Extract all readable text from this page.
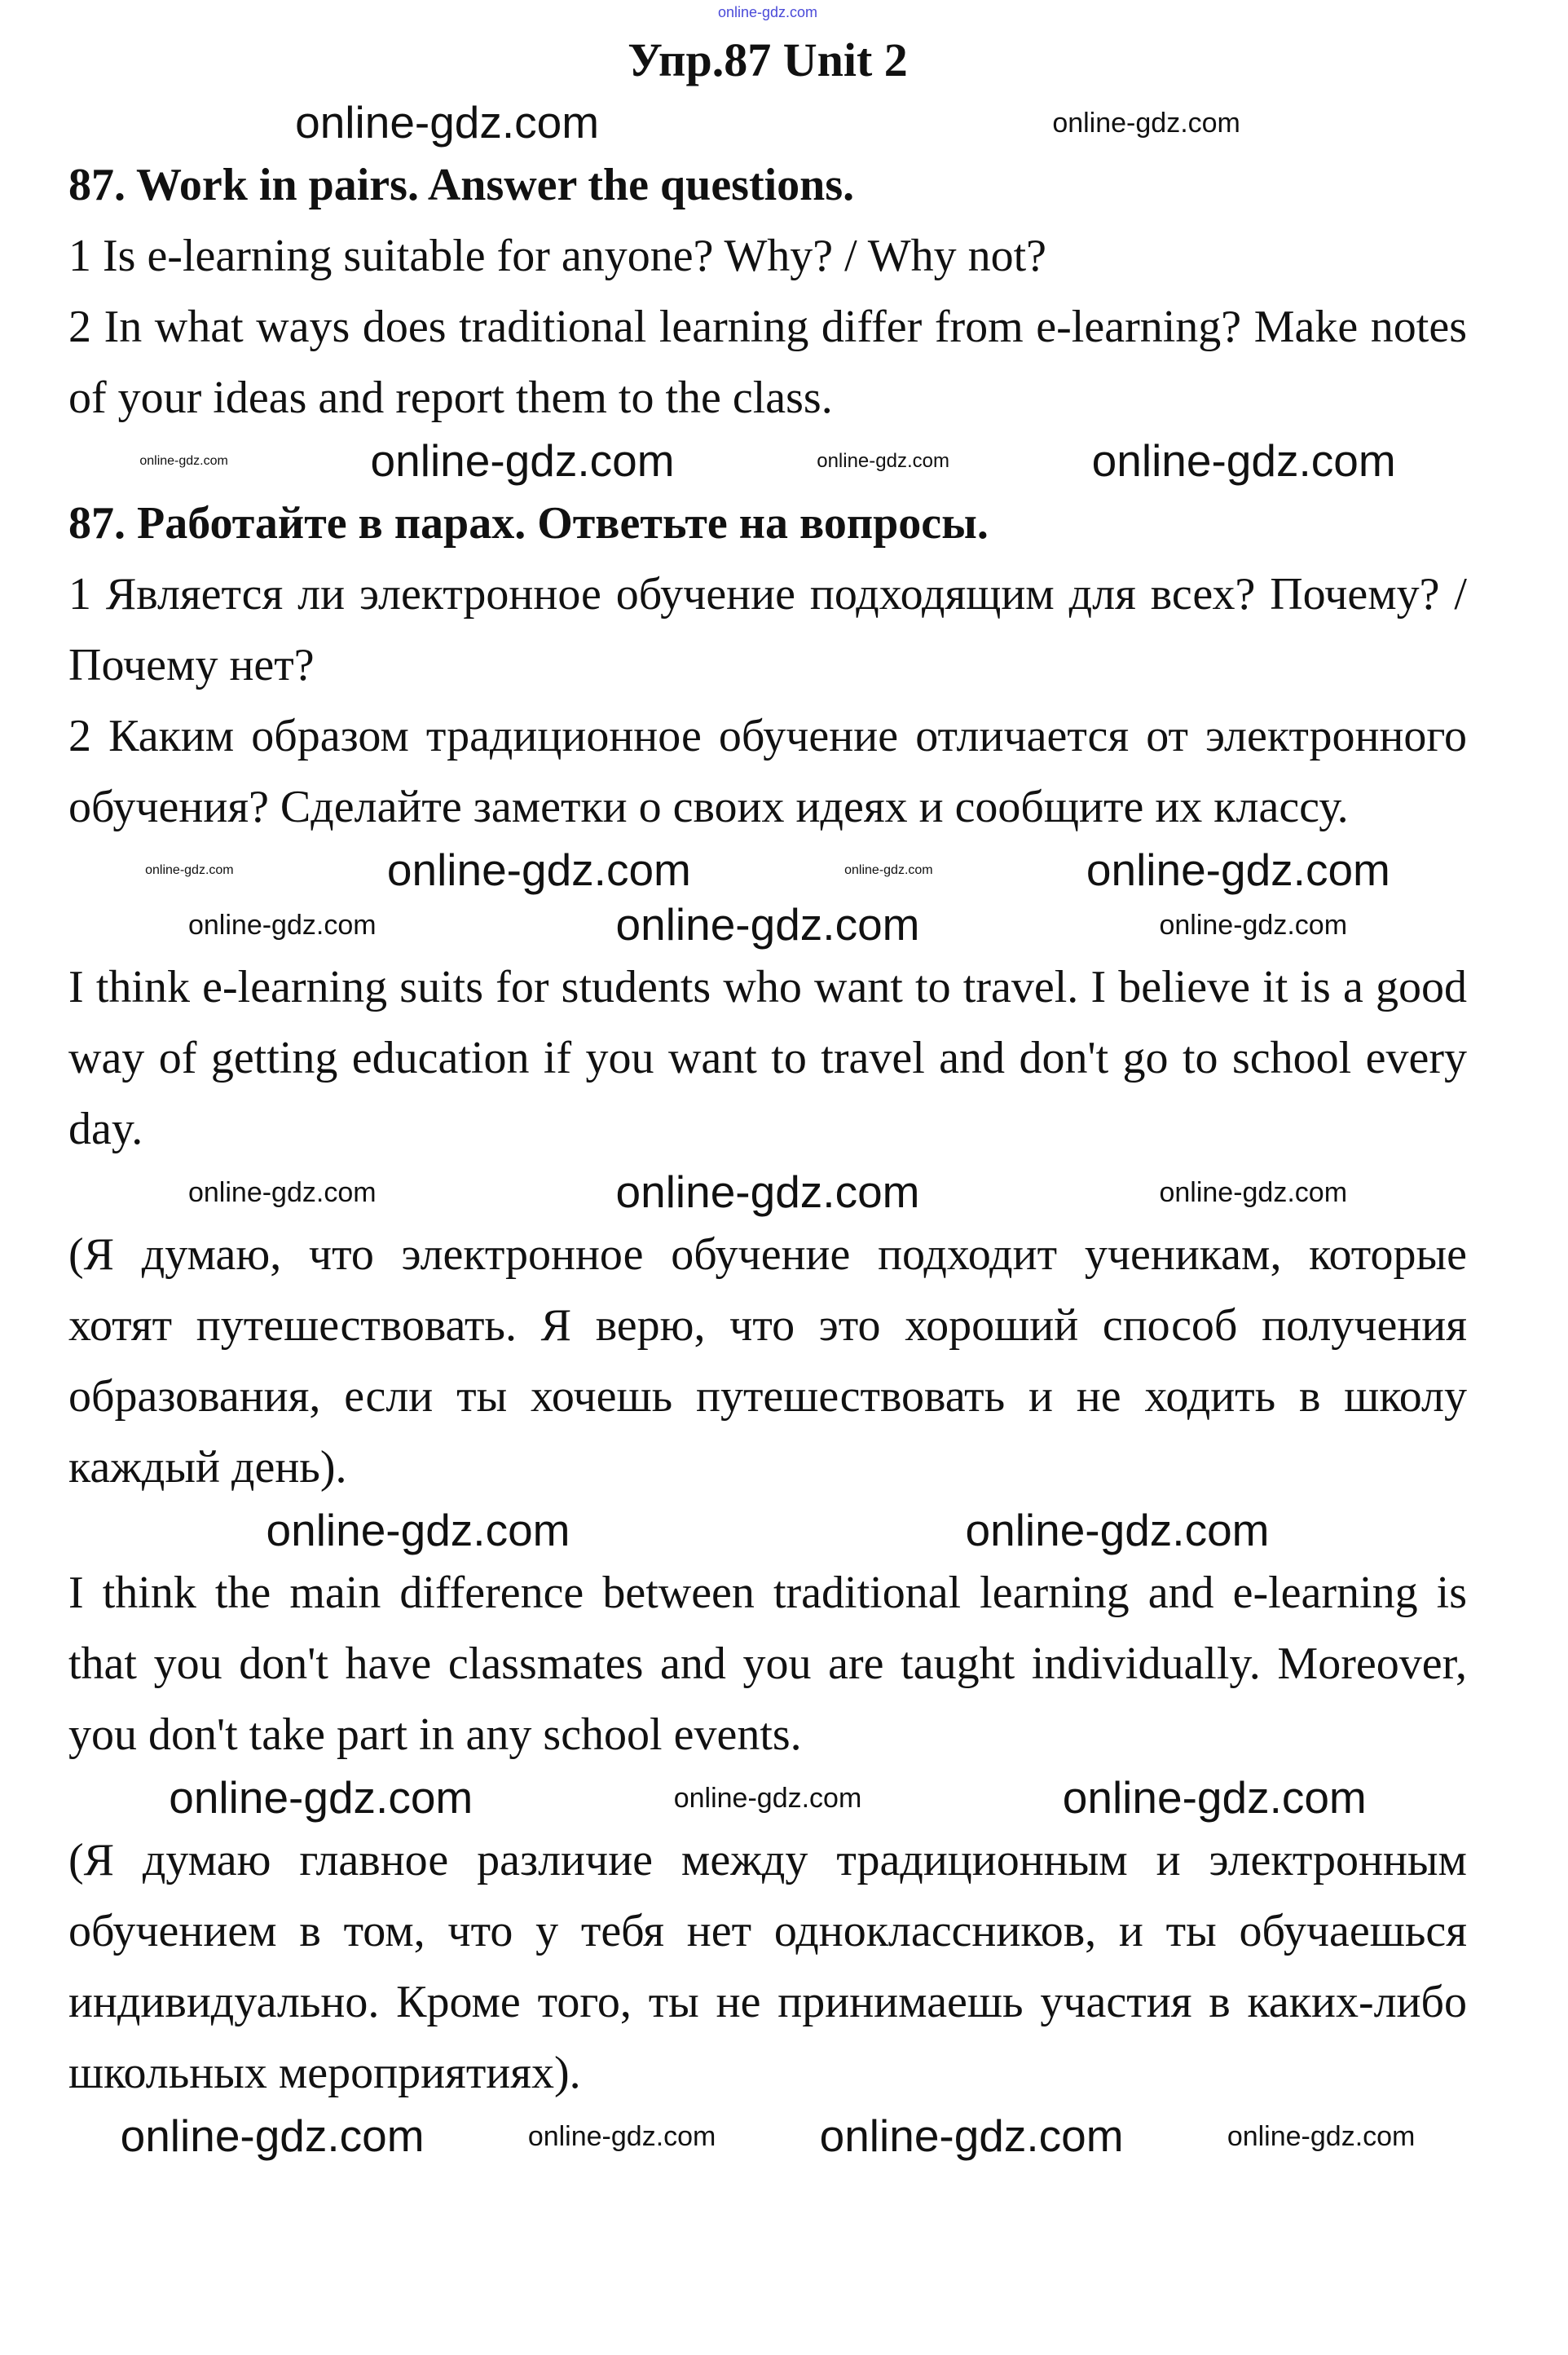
online-gdz.com
Упр.87 Unit 2
online-gdz.com	online-gdz.com

87. Work in pairs. Answer the questions.

1 Is e-learning suitable for anyone? Why? / Why not?

2 In what ways does traditional learning differ from e-learning? Make notes of your ideas and report them to the class.

online-gdz.com	online-gdz.com	online-gdz.com	online-gdz.com

87. Работайте в парах. Ответьте на вопросы.

1 Является ли электронное обучение подходящим для всех? Почему? / Почему нет?

2 Каким образом традиционное обучение отличается от электронного обучения? Сделайте заметки о своих идеях и сообщите их классу.

online-gdz.com	online-gdz.com	online-gdz.com	online-gdz.com
online-gdz.com	online-gdz.com	online-gdz.com
I think e-learning suits for students who want to travel. I believe it is a good way of getting education if you want to travel and don't go to school every day.
online-gdz.com	online-gdz.com	online-gdz.com
(Я думаю, что электронное обучение подходит ученикам, которые хотят путешествовать. Я верю, что это хороший способ получения образования, если ты хочешь путешествовать и не ходить в школу каждый день).
online-gdz.com	online-gdz.com
I think the main difference between traditional learning and e-learning is that you don't have classmates and you are taught individually. Moreover, you don't take part in any school events.
online-gdz.com	online-gdz.com	online-gdz.com
(Я думаю главное различие между традиционным и электронным обучением в том, что у тебя нет одноклассников, и ты обучаешься индивидуально. Кроме того, ты не принимаешь участия в каких-либо школьных мероприятиях).
online-gdz.com	online-gdz.com online-gdz.com	online-gdz.com
